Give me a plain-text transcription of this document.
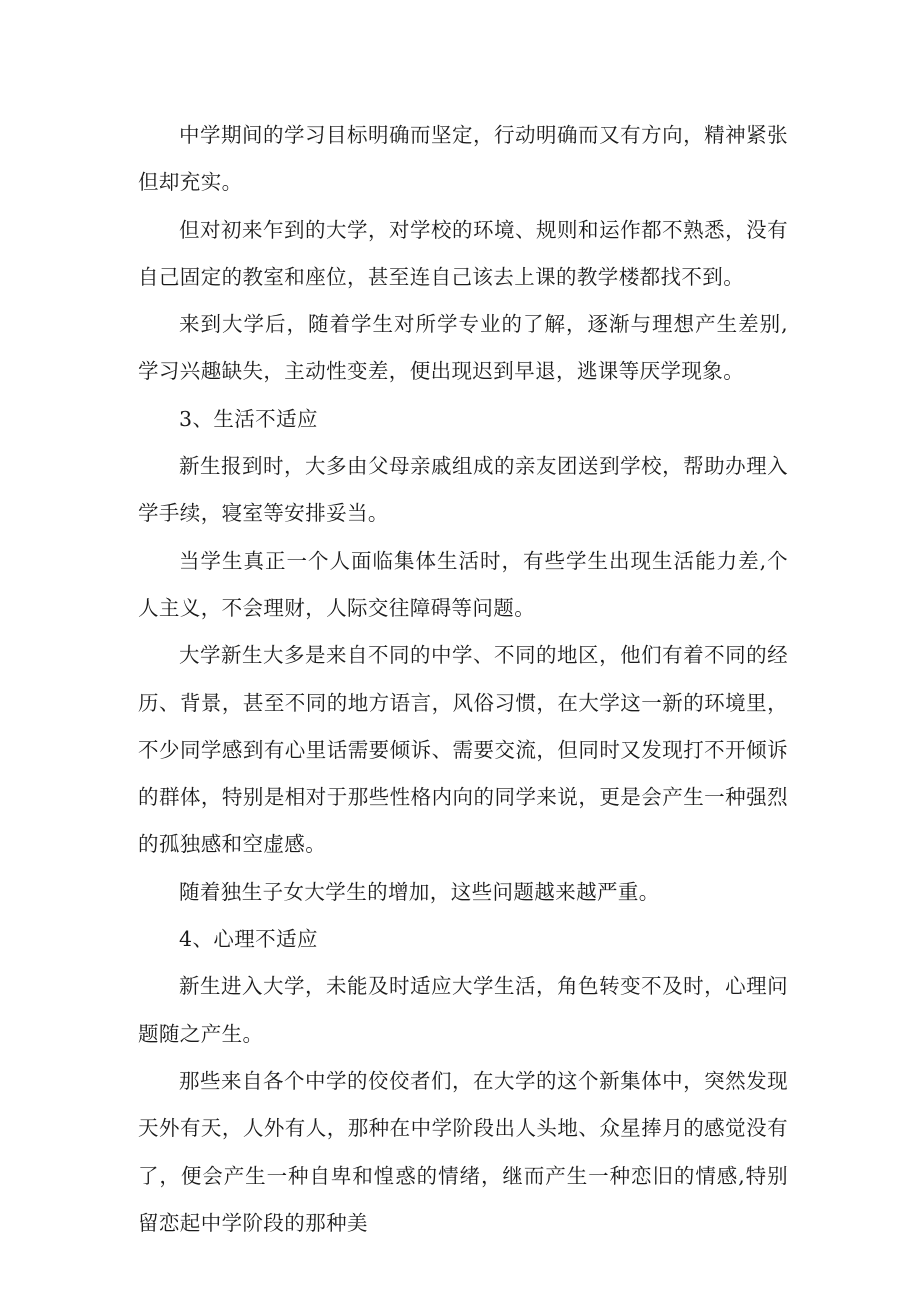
中学期间的学习目标明确而坚定，行动明确而又有方向，精神紧张但却充实。

但对初来乍到的大学，对学校的环境、规则和运作都不熟悉，没有自己固定的教室和座位，甚至连自己该去上课的教学楼都找不到。

来到大学后，随着学生对所学专业的了解，逐渐与理想产生差别,学习兴趣缺失，主动性变差，便出现迟到早退，逃课等厌学现象。

3、生活不适应

新生报到时，大多由父母亲戚组成的亲友团送到学校，帮助办理入学手续，寝室等安排妥当。

当学生真正一个人面临集体生活时，有些学生出现生活能力差,个人主义，不会理财，人际交往障碍等问题。

大学新生大多是来自不同的中学、不同的地区，他们有着不同的经历、背景，甚至不同的地方语言，风俗习惯，在大学这一新的环境里，不少同学感到有心里话需要倾诉、需要交流，但同时又发现打不开倾诉的群体，特别是相对于那些性格内向的同学来说，更是会产生一种强烈的孤独感和空虚感。

随着独生子女大学生的增加，这些问题越来越严重。

4、心理不适应

新生进入大学，未能及时适应大学生活，角色转变不及时，心理问题随之产生。

那些来自各个中学的佼佼者们，在大学的这个新集体中，突然发现天外有天，人外有人，那种在中学阶段出人头地、众星捧月的感觉没有了，便会产生一种自卑和惶惑的情绪，继而产生一种恋旧的情感,特别留恋起中学阶段的那种美
